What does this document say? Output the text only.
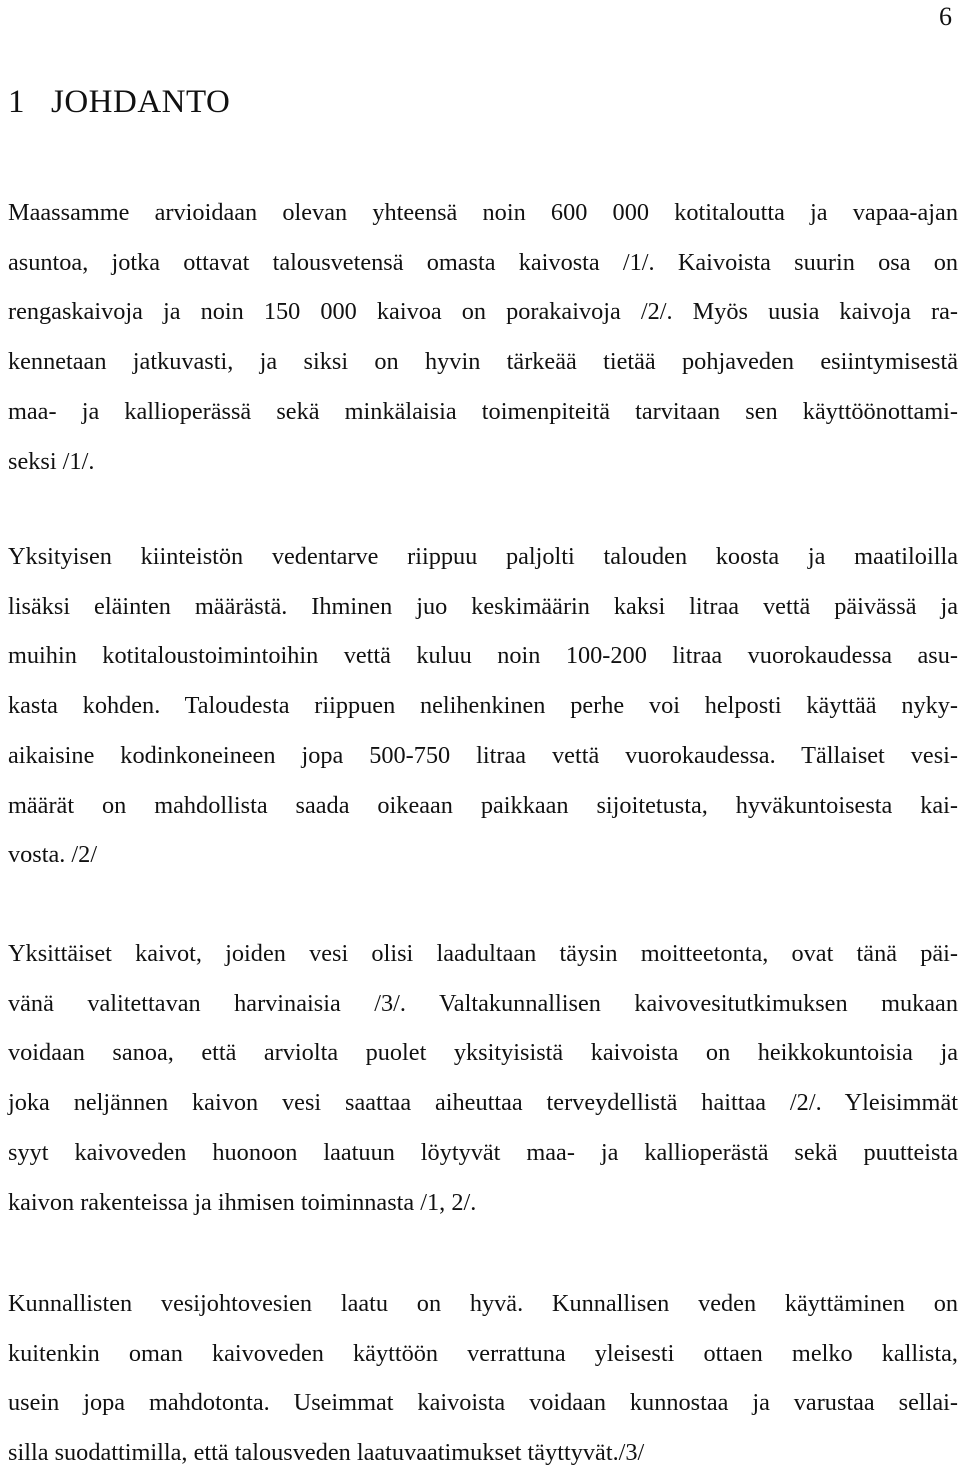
6
1 JOHDANTO

Maassamme arvioidaan olevan yhteensä noin 600 000 kotitaloutta ja vapaa-ajan
asuntoa, jotka ottavat talousvetensä omasta kaivosta /1/. Kaivoista suurin osa on
rengaskaivoja ja noin 150 000 kaivoa on porakaivoja /2/. Myös uusia kaivoja ra-
kennetaan jatkuvasti, ja siksi on hyvin tärkeää tietää pohjaveden esiintymisestä
maa- ja kallioperässä sekä minkälaisia toimenpiteitä tarvitaan sen käyttöönottami-
seksi /1/.

Yksityisen kiinteistön vedentarve riippuu paljolti talouden koosta ja maatiloilla
lisäksi eläinten määrästä. Ihminen juo keskimäärin kaksi litraa vettä päivässä ja
muihin kotitaloustoimintoihin vettä kuluu noin 100-200 litraa vuorokaudessa asu-
kasta kohden. Taloudesta riippuen nelihenkinen perhe voi helposti käyttää nyky-
aikaisine kodinkoneineen jopa 500-750 litraa vettä vuorokaudessa. Tällaiset vesi-
määrät on mahdollista saada oikeaan paikkaan sijoitetusta, hyväkuntoisesta kai-
vosta. /2/

Yksittäiset kaivot, joiden vesi olisi laadultaan täysin moitteetonta, ovat tänä päi-
vänä valitettavan harvinaisia /3/. Valtakunnallisen kaivovesitutkimuksen mukaan
voidaan sanoa, että arviolta puolet yksityisistä kaivoista on heikkokuntoisia ja
joka neljännen kaivon vesi saattaa aiheuttaa terveydellistä haittaa /2/. Yleisimmät
syyt kaivoveden huonoon laatuun löytyvät maa- ja kallioperästä sekä puutteista
kaivon rakenteissa ja ihmisen toiminnasta /1, 2/.

Kunnallisten vesijohtovesien laatu on hyvä. Kunnallisen veden käyttäminen on
kuitenkin oman kaivoveden käyttöön verrattuna yleisesti ottaen melko kallista,
usein jopa mahdotonta. Useimmat kaivoista voidaan kunnostaa ja varustaa sellai-
silla suodattimilla, että talousveden laatuvaatimukset täyttyvät./3/
